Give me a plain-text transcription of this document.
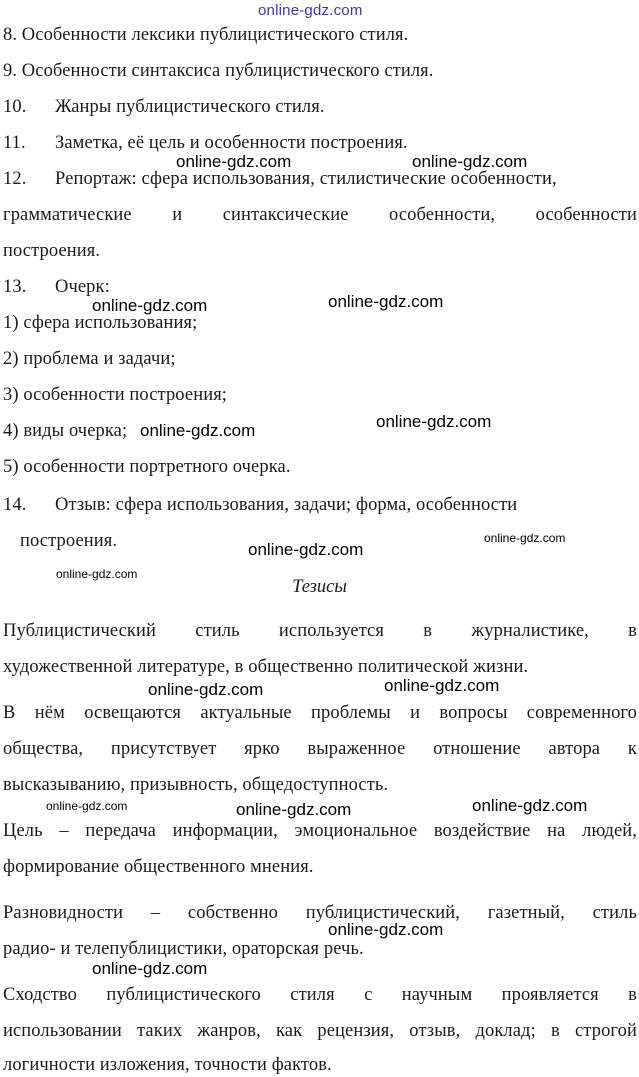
online-gdz.com
8. Особенности лексики публицистического стиля.
9. Особенности синтаксиса публицистического стиля.
10. Жанры публицистического стиля.
11. Заметка, её цель и особенности построения.
12. Репортаж: сфера использования, стилистические особенности,
грамматические и синтаксические особенности, особенности
построения.
13. Очерк:
1) сфера использования;
2) проблема и задачи;
3) особенности построения;
4) виды очерка;
5) особенности портретного очерка.
14. Отзыв: сфера использования, задачи; форма, особенности
построения.
Тезисы
Публицистический стиль используется в журналистике, в
художественной литературе, в общественно политической жизни.
В нём освещаются актуальные проблемы и вопросы современного
общества, присутствует ярко выраженное отношение автора к
высказыванию, призывность, общедоступность.
Цель – передача информации, эмоциональное воздействие на людей,
формирование общественного мнения.
Разновидности – собственно публицистический, газетный, стиль
радио- и телепублицистики, ораторская речь.
Сходство публицистического стиля с научным проявляется в
использовании таких жанров, как рецензия, отзыв, доклад; в строгой
логичности изложения, точности фактов.
online-gdz.com	online-gdz.com
online-gdz.com	online-gdz.com
online-gdz.com
online-gdz.com
online-gdz.com
online-gdz.com
online-gdz.com
online-gdz.com	online-gdz.com
online-gdz.com	online-gdz.com	online-gdz.com
online-gdz.com
online-gdz.com
